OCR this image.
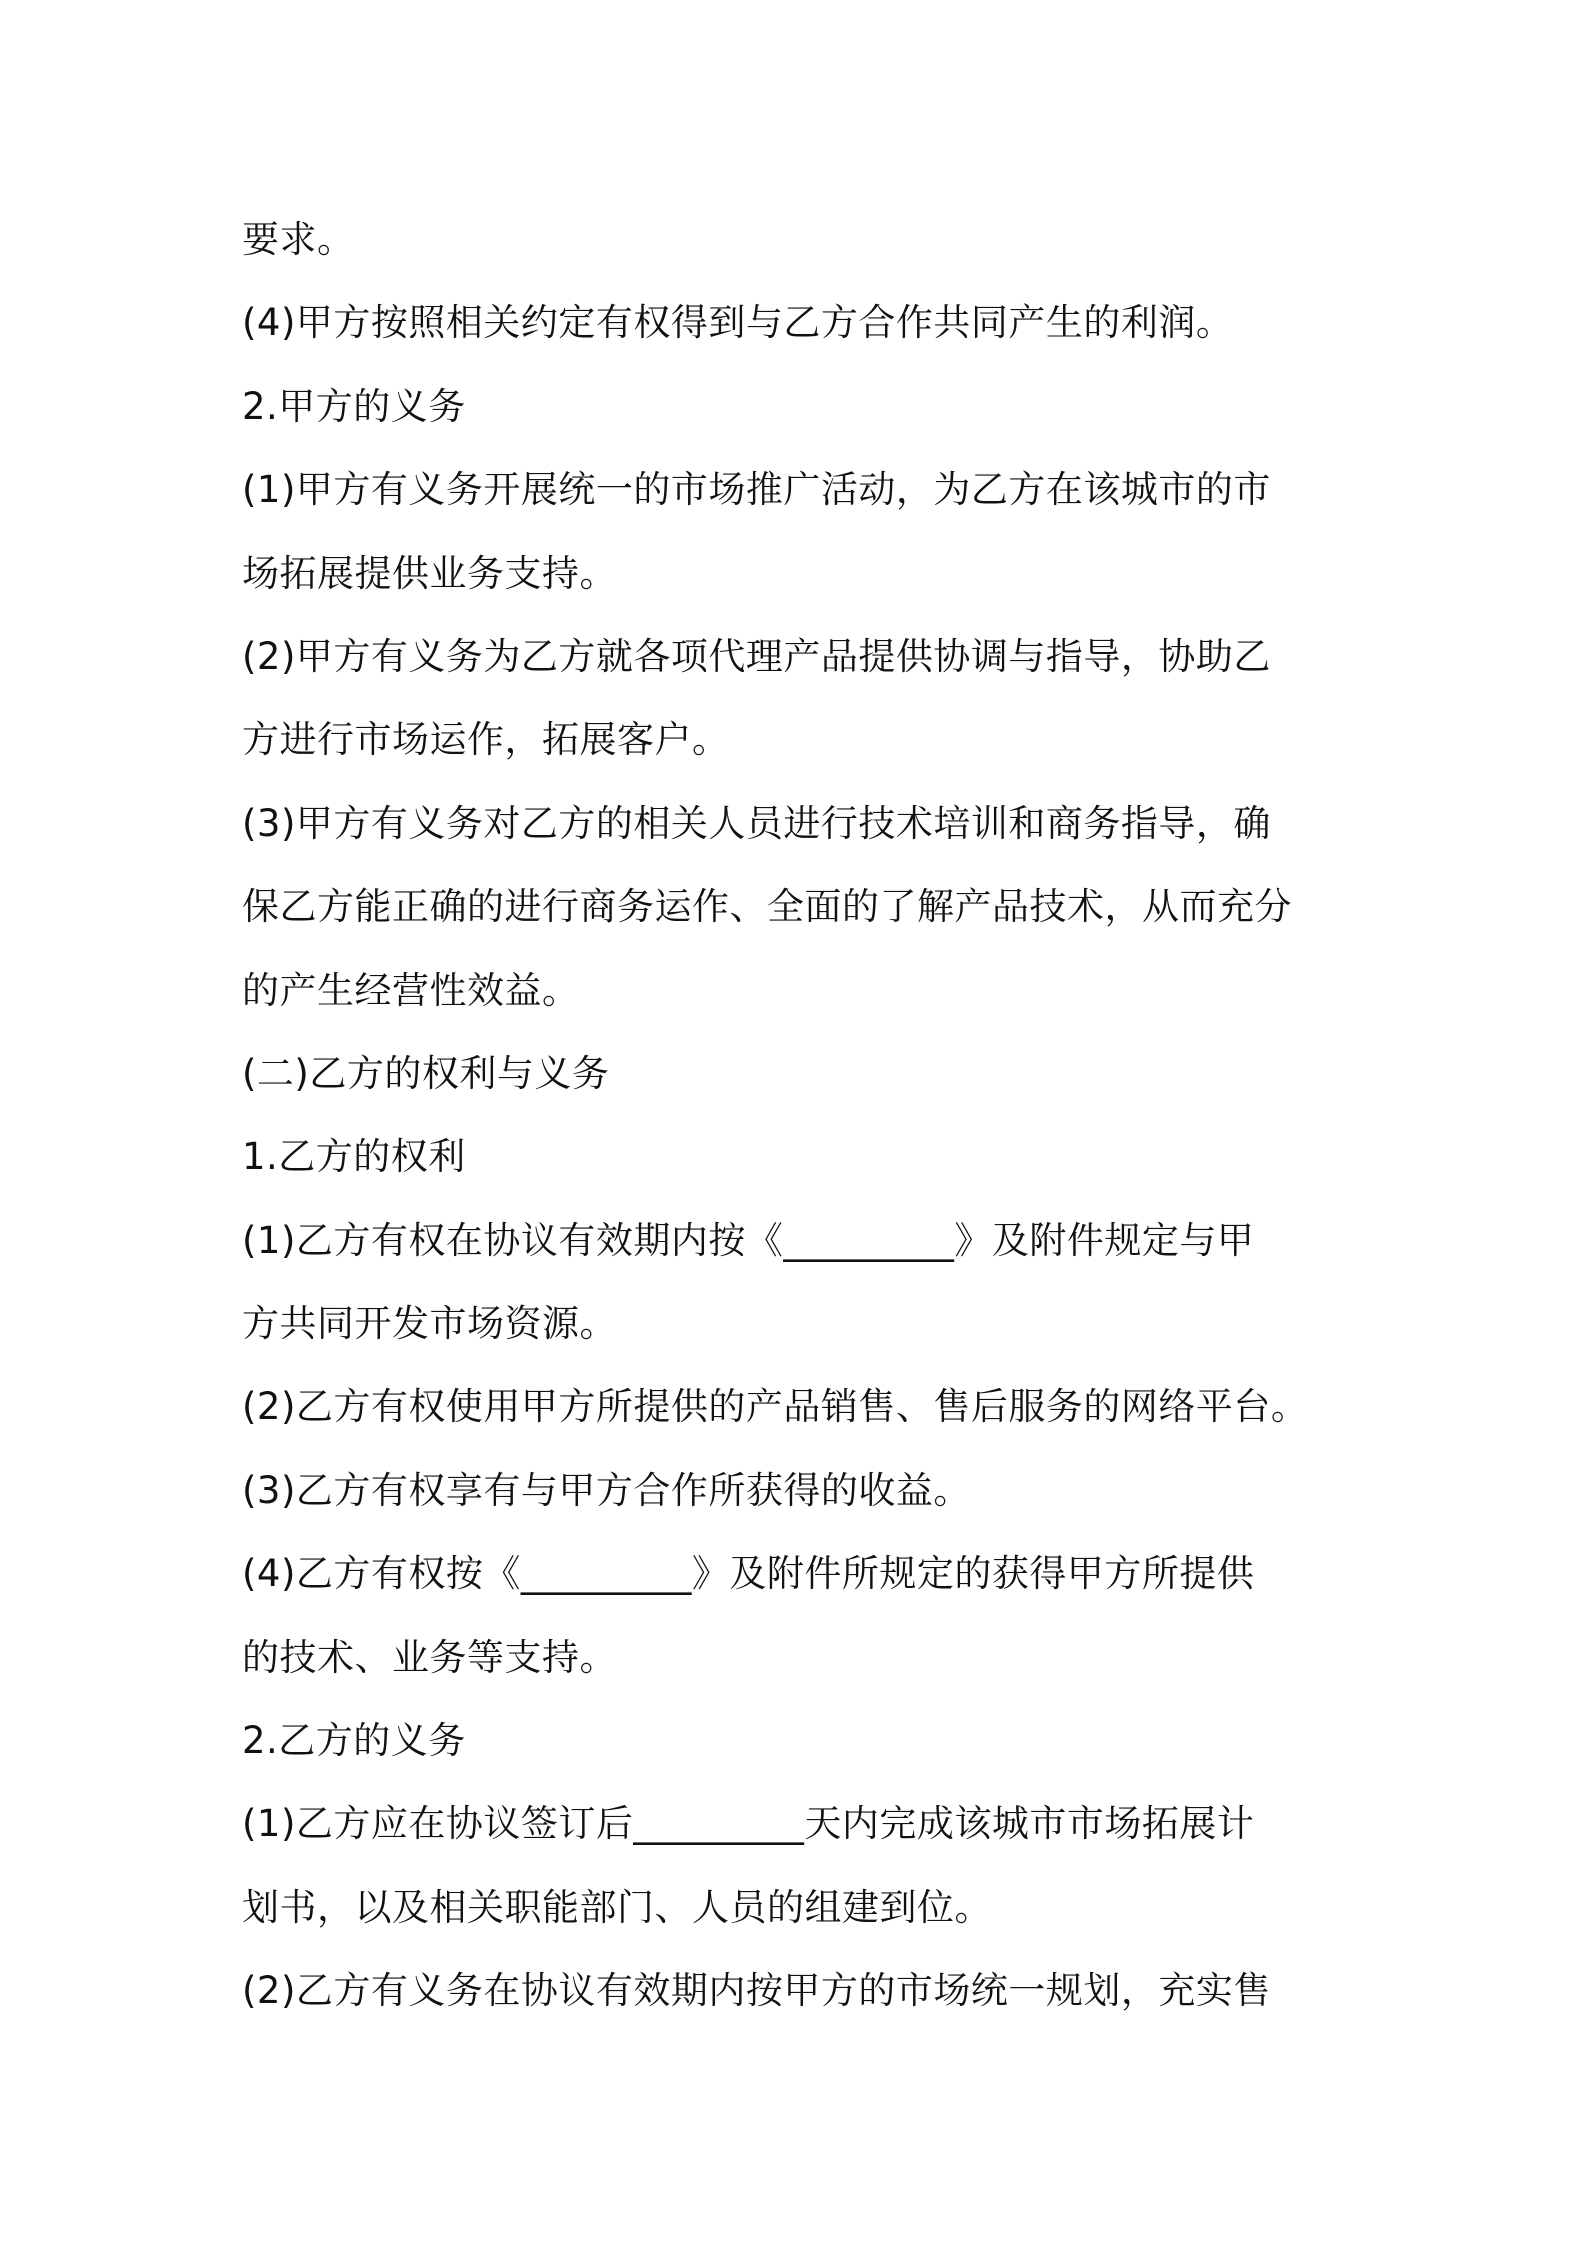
要求。
(4)甲方按照相关约定有权得到与乙方合作共同产生的利润。
2.甲方的义务
(1)甲方有义务开展统一的市场推广活动，为乙方在该城市的市
场拓展提供业务支持。
(2)甲方有义务为乙方就各项代理产品提供协调与指导，协助乙
方进行市场运作，拓展客户。
(3)甲方有义务对乙方的相关人员进行技术培训和商务指导，确
保乙方能正确的进行商务运作、全面的了解产品技术，从而充分
的产生经营性效益。
(二)乙方的权利与义务
1.乙方的权利
(1)乙方有权在协议有效期内按《_________》及附件规定与甲
方共同开发市场资源。
(2)乙方有权使用甲方所提供的产品销售、售后服务的网络平台。
(3)乙方有权享有与甲方合作所获得的收益。
(4)乙方有权按《_________》及附件所规定的获得甲方所提供
的技术、业务等支持。
2.乙方的义务
(1)乙方应在协议签订后_________天内完成该城市市场拓展计
划书，以及相关职能部门、人员的组建到位。
(2)乙方有义务在协议有效期内按甲方的市场统一规划，充实售
